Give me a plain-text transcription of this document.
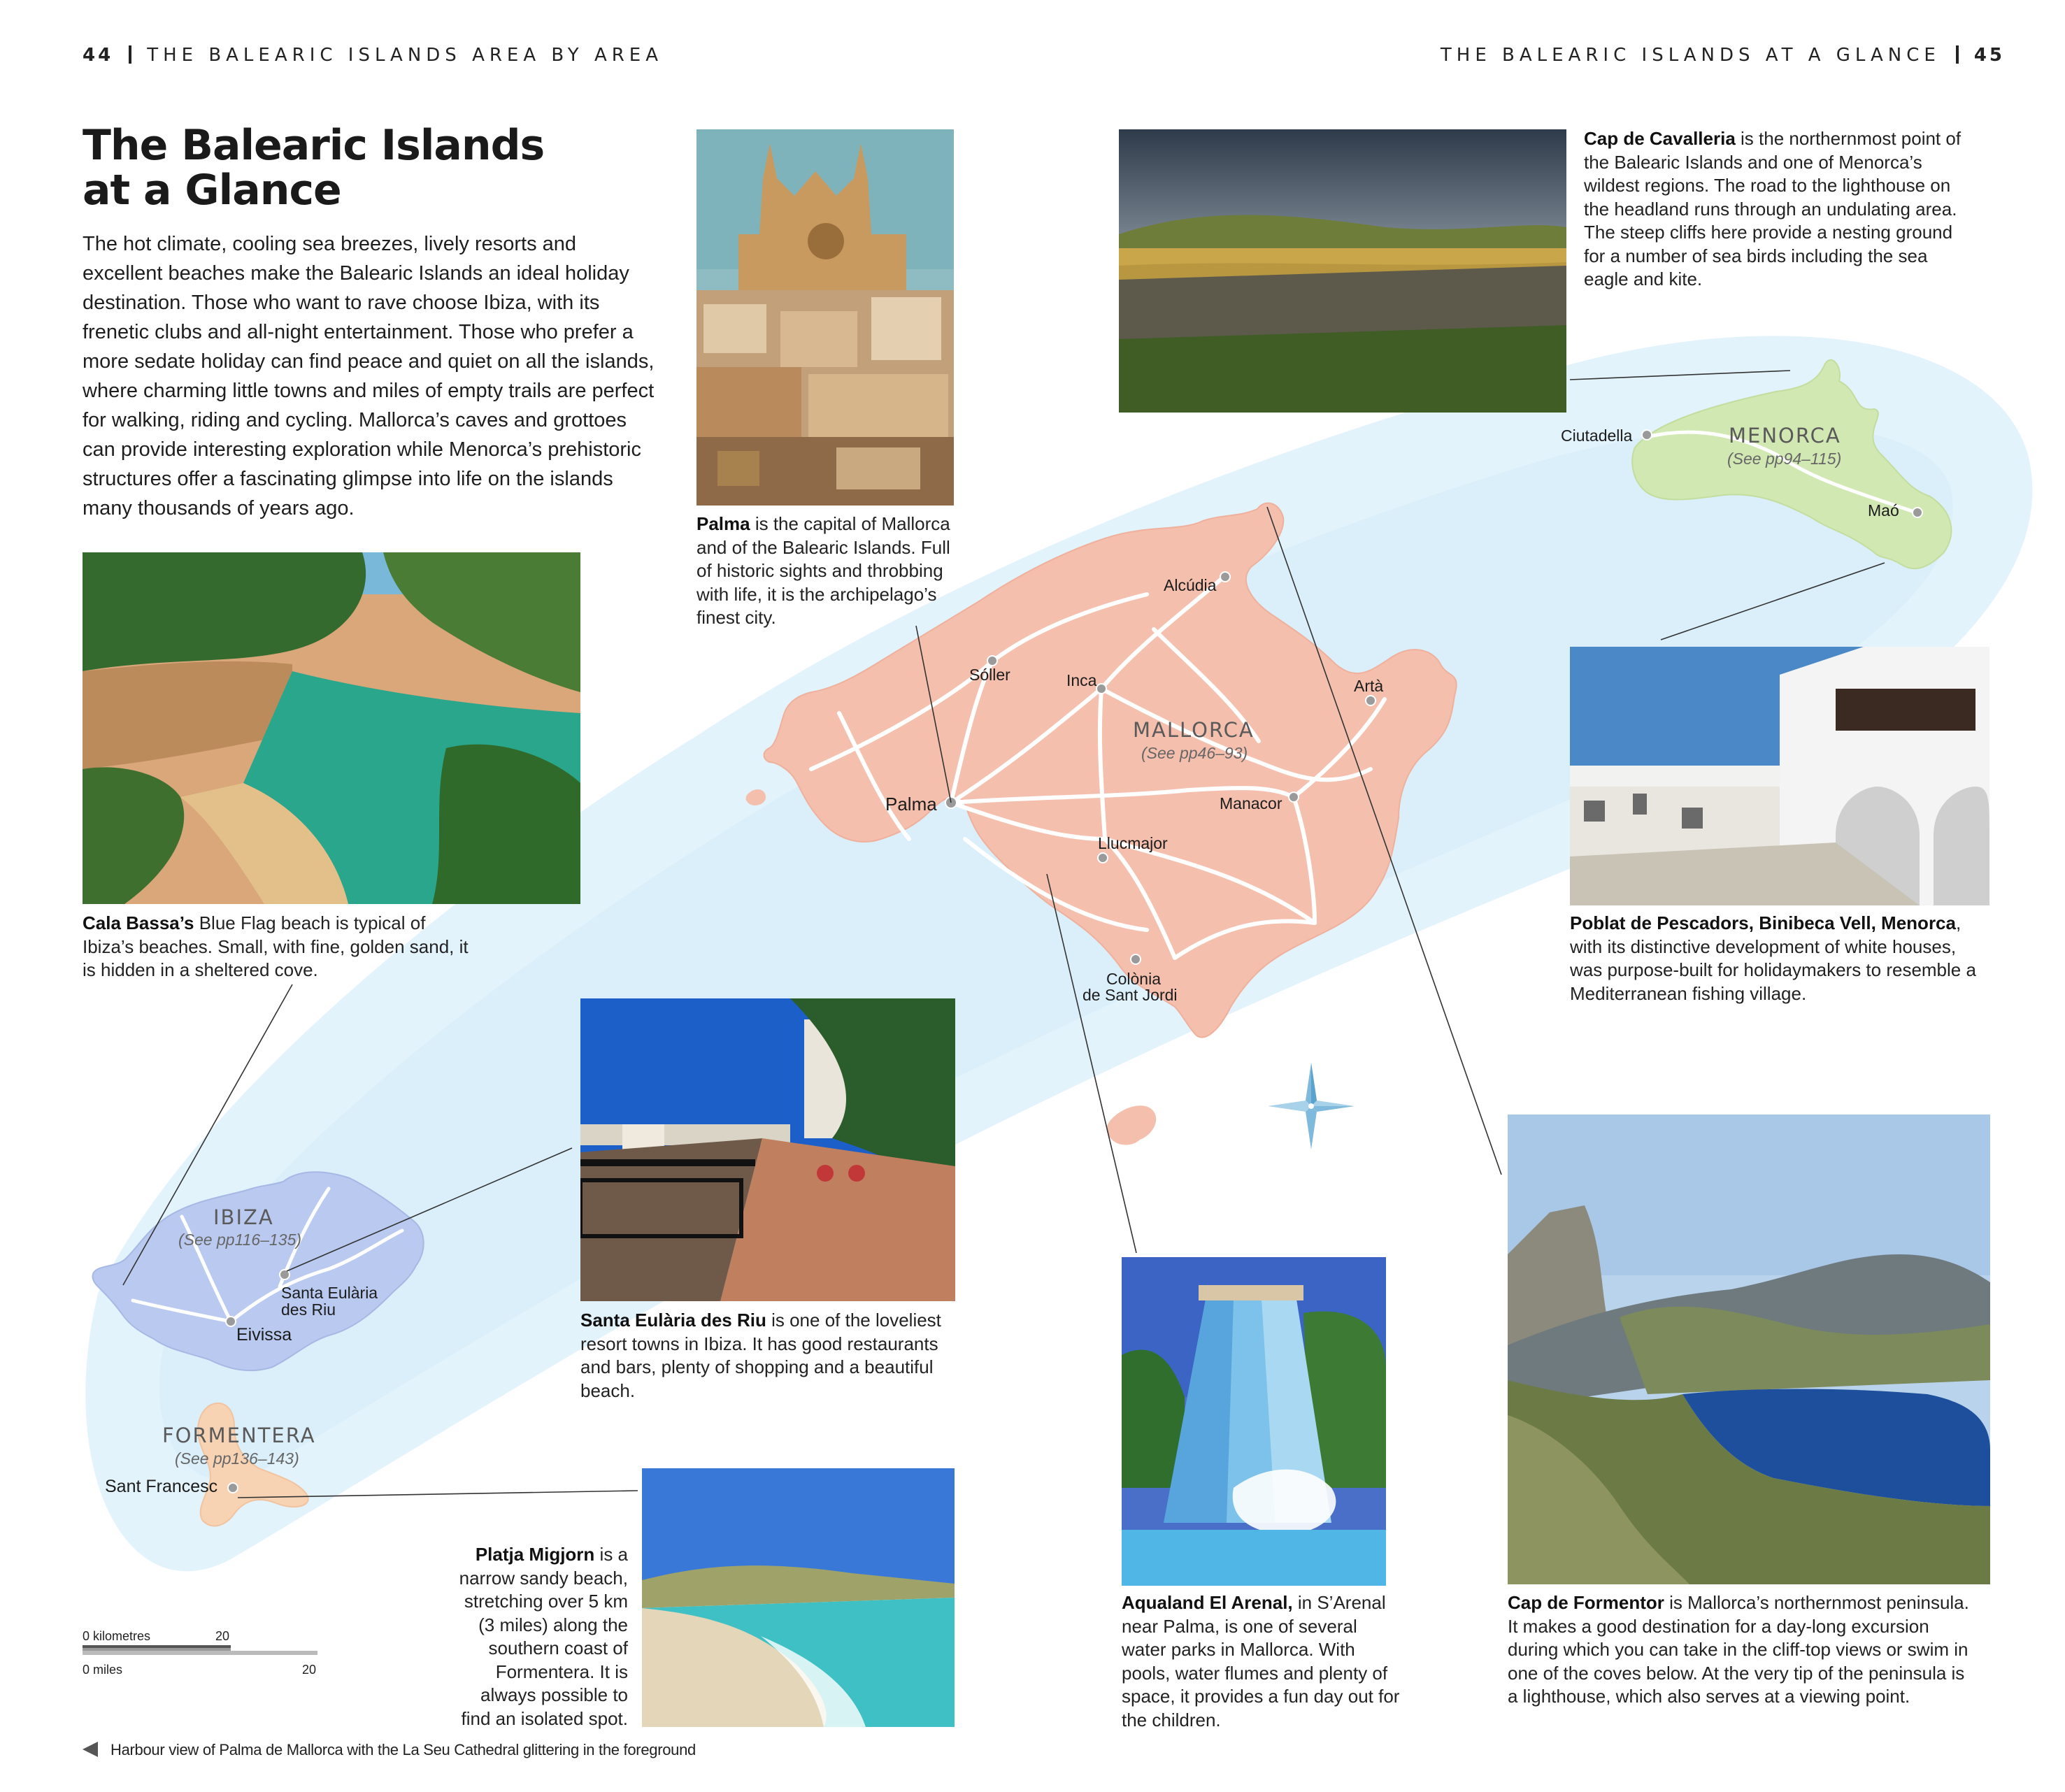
44 THE BALEARIC ISLANDS AREA BY AREA	THE BALEARIC ISLANDS AT A GLANCE 45
The Balearic Islands
at a Glance

The hot climate, cooling sea breezes, lively resorts and excellent beaches make the Balearic Islands an ideal holiday destination. Those who want to rave choose Ibiza, with its frenetic clubs and all-night entertainment. Those who prefer a more sedate holiday can find peace and quiet on all the islands, where charming little towns and miles of empty trails are perfect for walking, riding and cycling. Mallorca’s caves and grottoes can provide interesting exploration while Menorca’s prehistoric structures offer a fascinating glimpse into life on the islands many thousands of years ago.

MALLORCA
(See pp46–93)
MENORCA
(See pp94–115)
IBIZA
(See pp116–135)
FORMENTERA
(See pp136–143)
Palma
Sóller	Inca
Alcúdia
Artà
Manacor
Llucmajor
Colònia
de Sant Jordi
Ciutadella
Maó
Santa Eulària
des Riu
Eivissa
Sant Francesc
0 kilometres	20
0 miles	20

Palma is the capital of Mallorca and of the Balearic Islands. Full of historic sights and throbbing with life, it is the archipelago’s finest city.

Cap de Cavalleria is the northernmost point of the Balearic Islands and one of Menorca’s wildest regions. The road to the lighthouse on the headland runs through an undulating area. The steep cliffs here provide a nesting ground for a number of sea birds including the sea eagle and kite.

Cala Bassa’s Blue Flag beach is typical of Ibiza’s beaches. Small, with fine, golden sand, it is hidden in a sheltered cove.

Poblat de Pescadors, Binibeca Vell, Menorca, with its distinctive development of white houses, was purpose-built for holidaymakers to resemble a Mediterranean fishing village.

Santa Eulària des Riu is one of the loveliest resort towns in Ibiza. It has good restaurants and bars, plenty of shopping and a beautiful beach.

Platja Migjorn is a narrow sandy beach, stretching over 5 km (3 miles) along the southern coast of Formentera. It is always possible to find an isolated spot.

Aqualand El Arenal, in S’Arenal near Palma, is one of several water parks in Mallorca. With pools, water flumes and plenty of space, it provides a fun day out for the children.

Cap de Formentor is Mallorca’s northernmost peninsula. It makes a good destination for a day-long excursion during which you can take in the cliff-top views or swim in one of the coves below. At the very tip of the peninsula is a lighthouse, which also serves at a viewing point.

Harbour view of Palma de Mallorca with the La Seu Cathedral glittering in the foreground
